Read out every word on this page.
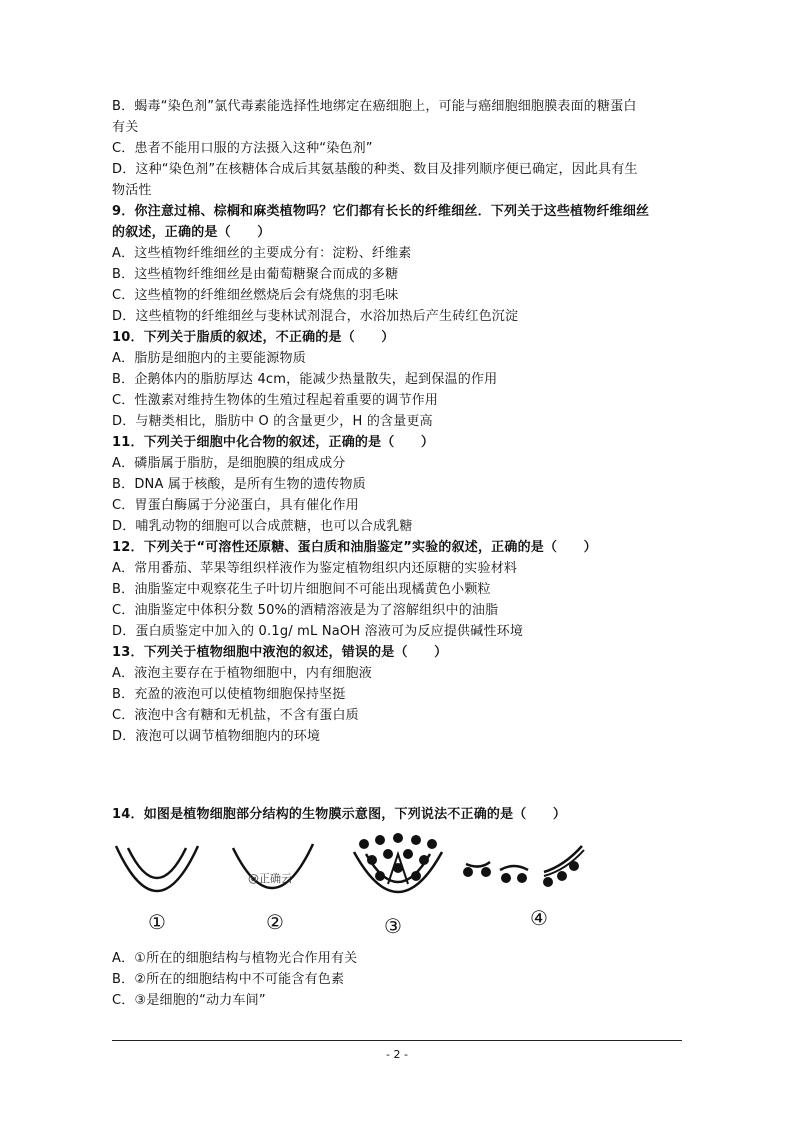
B．蝎毒“染色剂”氯代毒素能选择性地绑定在癌细胞上，可能与癌细胞细胞膜表面的糖蛋白
有关
C．患者不能用口服的方法摄入这种“染色剂”
D．这种“染色剂”在核糖体合成后其氨基酸的种类、数目及排列顺序便已确定，因此具有生
物活性
9．你注意过棉、棕榈和麻类植物吗？它们都有长长的纤维细丝．下列关于这些植物纤维细丝
的叙述，正确的是（　　）
A．这些植物纤维细丝的主要成分有：淀粉、纤维素
B．这些植物纤维细丝是由葡萄糖聚合而成的多糖
C．这些植物的纤维细丝燃烧后会有烧焦的羽毛味
D．这些植物的纤维细丝与斐林试剂混合，水浴加热后产生砖红色沉淀
10．下列关于脂质的叙述，不正确的是（　　）
A．脂肪是细胞内的主要能源物质
B．企鹅体内的脂肪厚达 4cm，能减少热量散失，起到保温的作用
C．性激素对维持生物体的生殖过程起着重要的调节作用
D．与糖类相比，脂肪中 O 的含量更少，H 的含量更高
11．下列关于细胞中化合物的叙述，正确的是（　　）
A．磷脂属于脂肪，是细胞膜的组成成分
B．DNA 属于核酸，是所有生物的遗传物质
C．胃蛋白酶属于分泌蛋白，具有催化作用
D．哺乳动物的细胞可以合成蔗糖，也可以合成乳糖
12．下列关于“可溶性还原糖、蛋白质和油脂鉴定”实验的叙述，正确的是（　　）
A．常用番茄、苹果等组织样液作为鉴定植物组织内还原糖的实验材料
B．油脂鉴定中观察花生子叶切片细胞间不可能出现橘黄色小颗粒
C．油脂鉴定中体积分数 50%的酒精溶液是为了溶解组织中的油脂
D．蛋白质鉴定中加入的 0.1g/ mL NaOH 溶液可为反应提供碱性环境
13．下列关于植物细胞中液泡的叙述，错误的是（　　）
A．液泡主要存在于植物细胞中，内有细胞液
B．充盈的液泡可以使植物细胞保持坚挺
C．液泡中含有糖和无机盐，不含有蛋白质
D．液泡可以调节植物细胞内的环境
14．如图是植物细胞部分结构的生物膜示意图，下列说法不正确的是（　　）
①
@正确云
②	③	④
A．①所在的细胞结构与植物光合作用有关
B．②所在的细胞结构中不可能含有色素
C．③是细胞的“动力车间”
- 2 -
